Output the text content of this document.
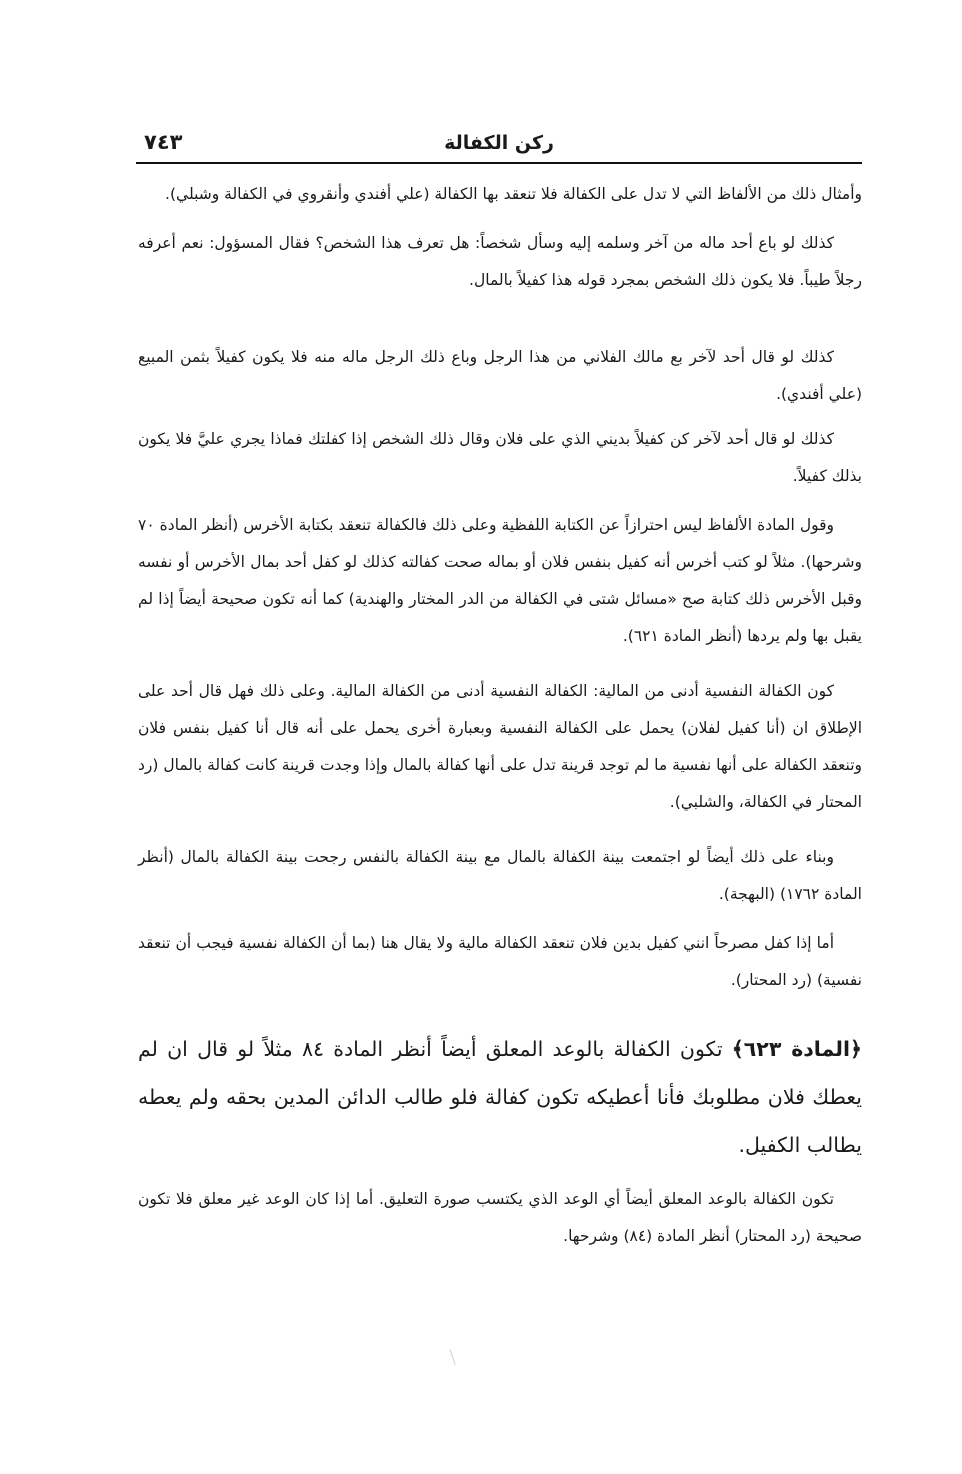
ركن الكفالة
٧٤٣

وأمثال ذلك من الألفاظ التي لا تدل على الكفالة فلا تنعقد بها الكفالة (علي أفندي وأنقروي في الكفالة وشبلي).

كذلك لو باع أحد ماله من آخر وسلمه إليه وسأل شخصاً: هل تعرف هذا الشخص؟ فقال المسؤول: نعم أعرفه رجلاً طيباً. فلا يكون ذلك الشخص بمجرد قوله هذا كفيلاً بالمال.

كذلك لو قال أحد لآخر بع مالك الفلاني من هذا الرجل وباع ذلك الرجل ماله منه فلا يكون كفيلاً بثمن المبيع (علي أفندي).

كذلك لو قال أحد لآخر كن كفيلاً بديني الذي على فلان وقال ذلك الشخص إذا كفلتك فماذا يجري عليَّ فلا يكون بذلك كفيلاً.

وقول المادة الألفاظ ليس احترازاً عن الكتابة اللفظية وعلى ذلك فالكفالة تنعقد بكتابة الأخرس (أنظر المادة ٧٠ وشرحها). مثلاً لو كتب أخرس أنه كفيل بنفس فلان أو بماله صحت كفالته كذلك لو كفل أحد بمال الأخرس أو نفسه وقبل الأخرس ذلك كتابة صح «مسائل شتى في الكفالة من الدر المختار والهندية) كما أنه تكون صحيحة أيضاً إذا لم يقبل بها ولم يردها (أنظر المادة ٦٢١).

كون الكفالة النفسية أدنى من المالية: الكفالة النفسية أدنى من الكفالة المالية. وعلى ذلك فهل قال أحد على الإطلاق ان (أنا كفيل لفلان) يحمل على الكفالة النفسية وبعبارة أخرى يحمل على أنه قال أنا كفيل بنفس فلان وتنعقد الكفالة على أنها نفسية ما لم توجد قرينة تدل على أنها كفالة بالمال وإذا وجدت قرينة كانت كفالة بالمال (رد المحتار في الكفالة، والشلبي).

وبناء على ذلك أيضاً لو اجتمعت بينة الكفالة بالمال مع بينة الكفالة بالنفس رجحت بينة الكفالة بالمال (أنظر المادة ١٧٦٢) (البهجة).

أما إذا كفل مصرحاً انني كفيل بدين فلان تنعقد الكفالة مالية ولا يقال هنا (بما أن الكفالة نفسية فيجب أن تنعقد نفسية) (رد المحتار).

﴿المادة ٦٢٣﴾ تكون الكفالة بالوعد المعلق أيضاً أنظر المادة ٨٤ مثلاً لو قال ان لم يعطك فلان مطلوبك فأنا أعطيكه تكون كفالة فلو طالب الدائن المدين بحقه ولم يعطه يطالب الكفيل.

تكون الكفالة بالوعد المعلق أيضاً أي الوعد الذي يكتسب صورة التعليق. أما إذا كان الوعد غير معلق فلا تكون صحيحة (رد المحتار) أنظر المادة (٨٤) وشرحها.
